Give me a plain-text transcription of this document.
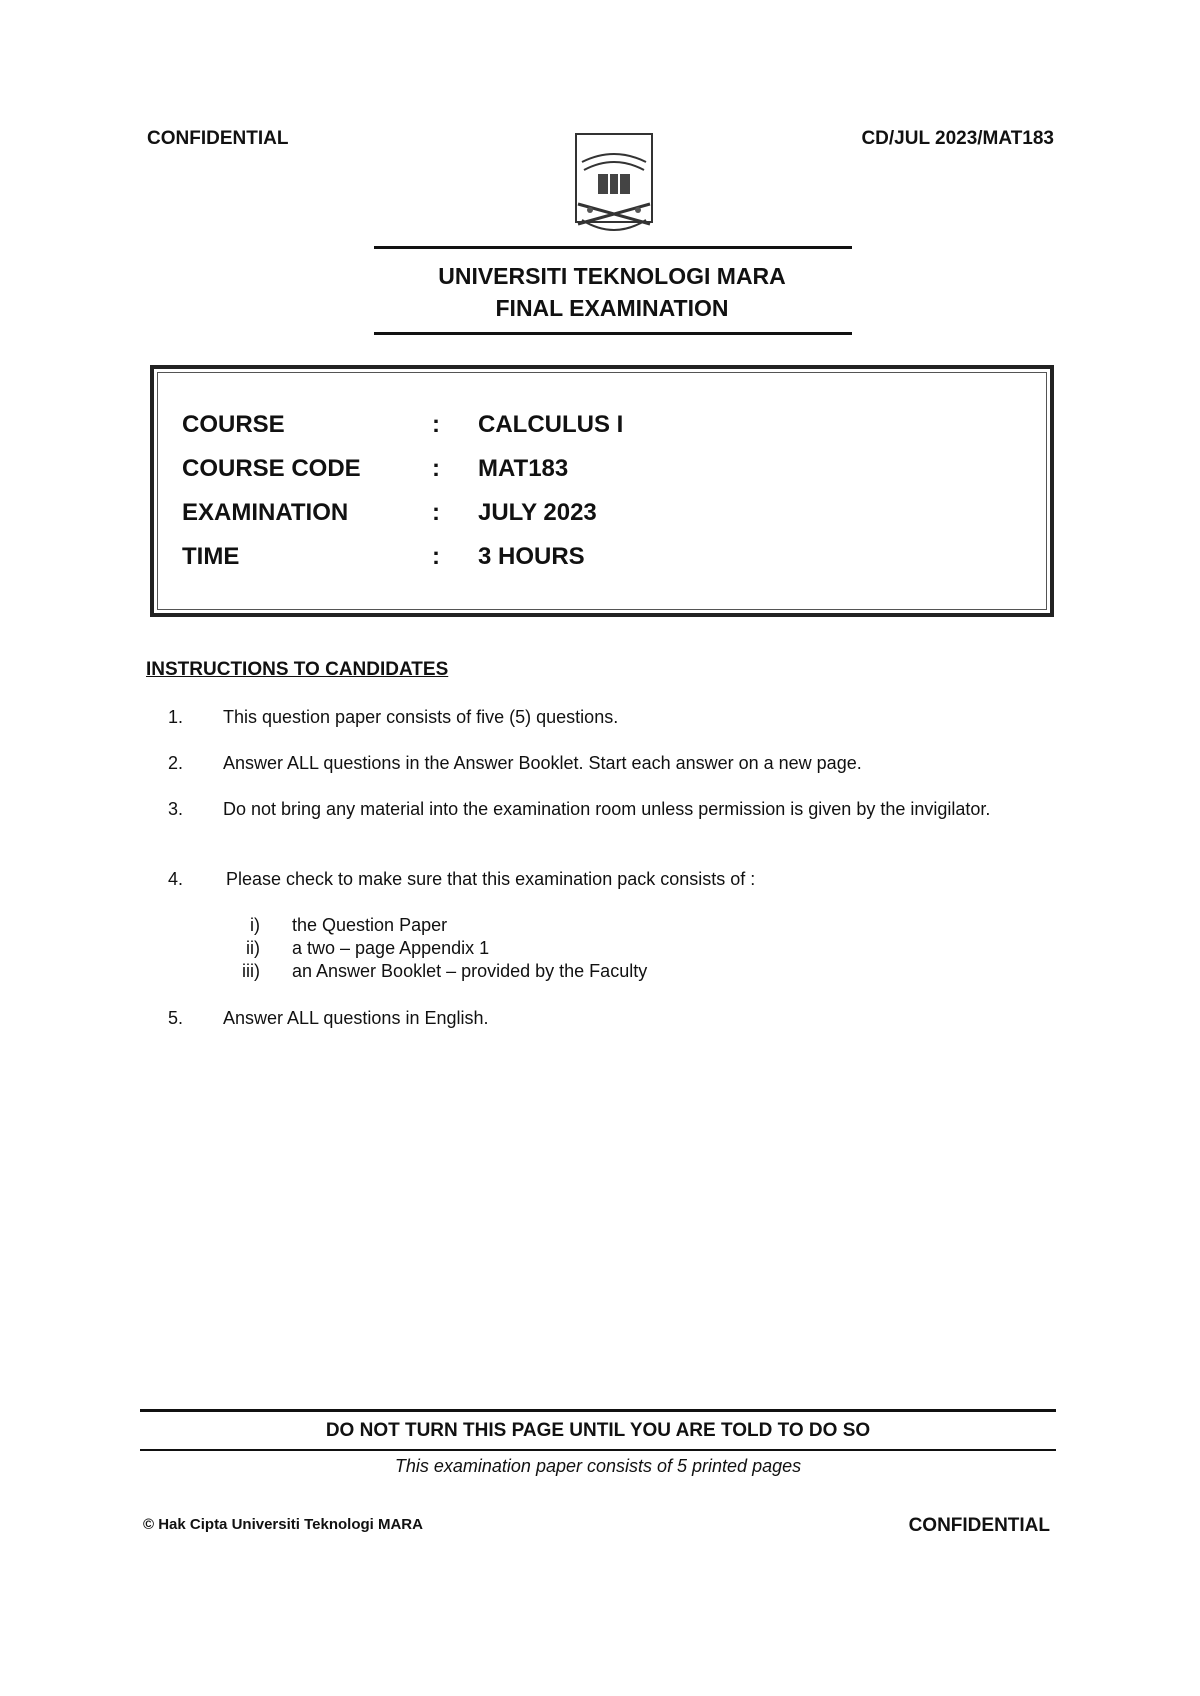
CONFIDENTIAL	CD/JUL 2023/MAT183
UNIVERSITI TEKNOLOGI MARA
FINAL EXAMINATION
COURSE	: CALCULUS I
COURSE CODE	: MAT183
EXAMINATION	: JULY 2023
TIME	: 3 HOURS
INSTRUCTIONS TO CANDIDATES
1. This question paper consists of five (5) questions.
2. Answer ALL questions in the Answer Booklet. Start each answer on a new page.
3. Do not bring any material into the examination room unless permission is given by the invigilator.
4. Please check to make sure that this examination pack consists of :
i) the Question Paper
ii) a two – page Appendix 1
iii) an Answer Booklet – provided by the Faculty
5. Answer ALL questions in English.
DO NOT TURN THIS PAGE UNTIL YOU ARE TOLD TO DO SO
This examination paper consists of 5 printed pages
© Hak Cipta Universiti Teknologi MARA	CONFIDENTIAL
